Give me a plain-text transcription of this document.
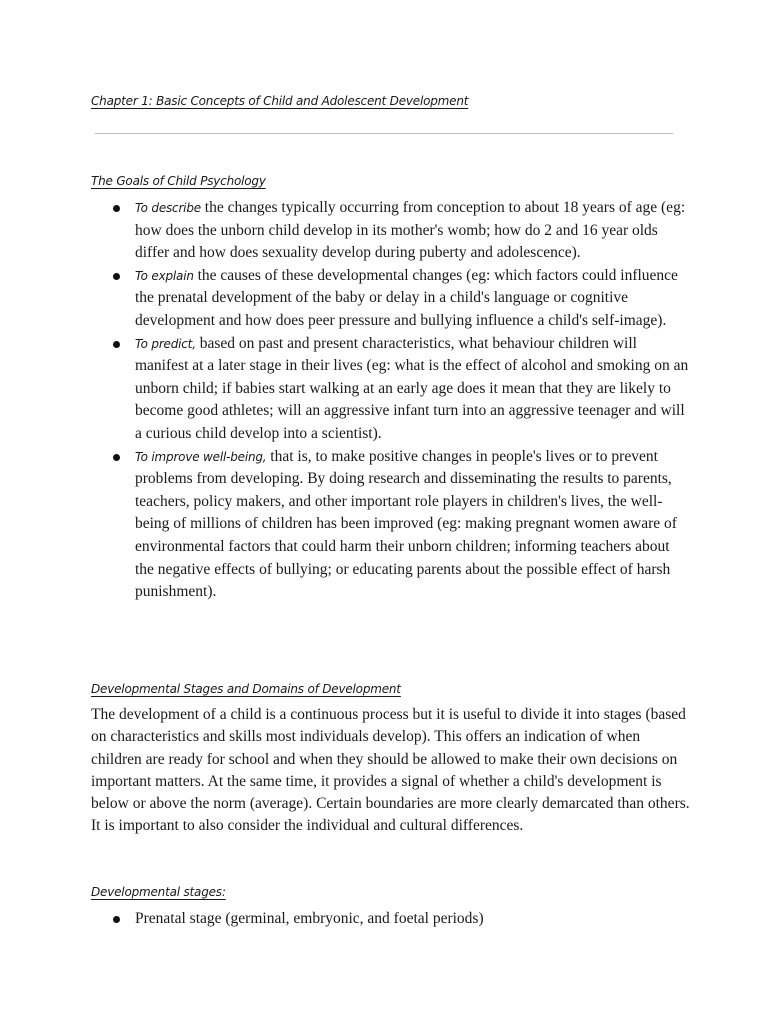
Chapter 1: Basic Concepts of Child and Adolescent Development
The Goals of Child Psychology
To describe the changes typically occurring from conception to about 18 years of age (eg: how does the unborn child develop in its mother's womb; how do 2 and 16 year olds differ and how does sexuality develop during puberty and adolescence).
To explain the causes of these developmental changes (eg: which factors could influence the prenatal development of the baby or delay in a child's language or cognitive development and how does peer pressure and bullying influence a child's self-image).
To predict, based on past and present characteristics, what behaviour children will manifest at a later stage in their lives (eg: what is the effect of alcohol and smoking on an unborn child; if babies start walking at an early age does it mean that they are likely to become good athletes; will an aggressive infant turn into an aggressive teenager and will a curious child develop into a scientist).
To improve well-being, that is, to make positive changes in people's lives or to prevent problems from developing. By doing research and disseminating the results to parents, teachers, policy makers, and other important role players in children's lives, the well-being of millions of children has been improved (eg: making pregnant women aware of environmental factors that could harm their unborn children; informing teachers about the negative effects of bullying; or educating parents about the possible effect of harsh punishment).
Developmental Stages and Domains of Development

The development of a child is a continuous process but it is useful to divide it into stages (based on characteristics and skills most individuals develop). This offers an indication of when children are ready for school and when they should be allowed to make their own decisions on important matters. At the same time, it provides a signal of whether a child's development is below or above the norm (average). Certain boundaries are more clearly demarcated than others. It is important to also consider the individual and cultural differences.

Developmental stages:
Prenatal stage (germinal, embryonic, and foetal periods)
